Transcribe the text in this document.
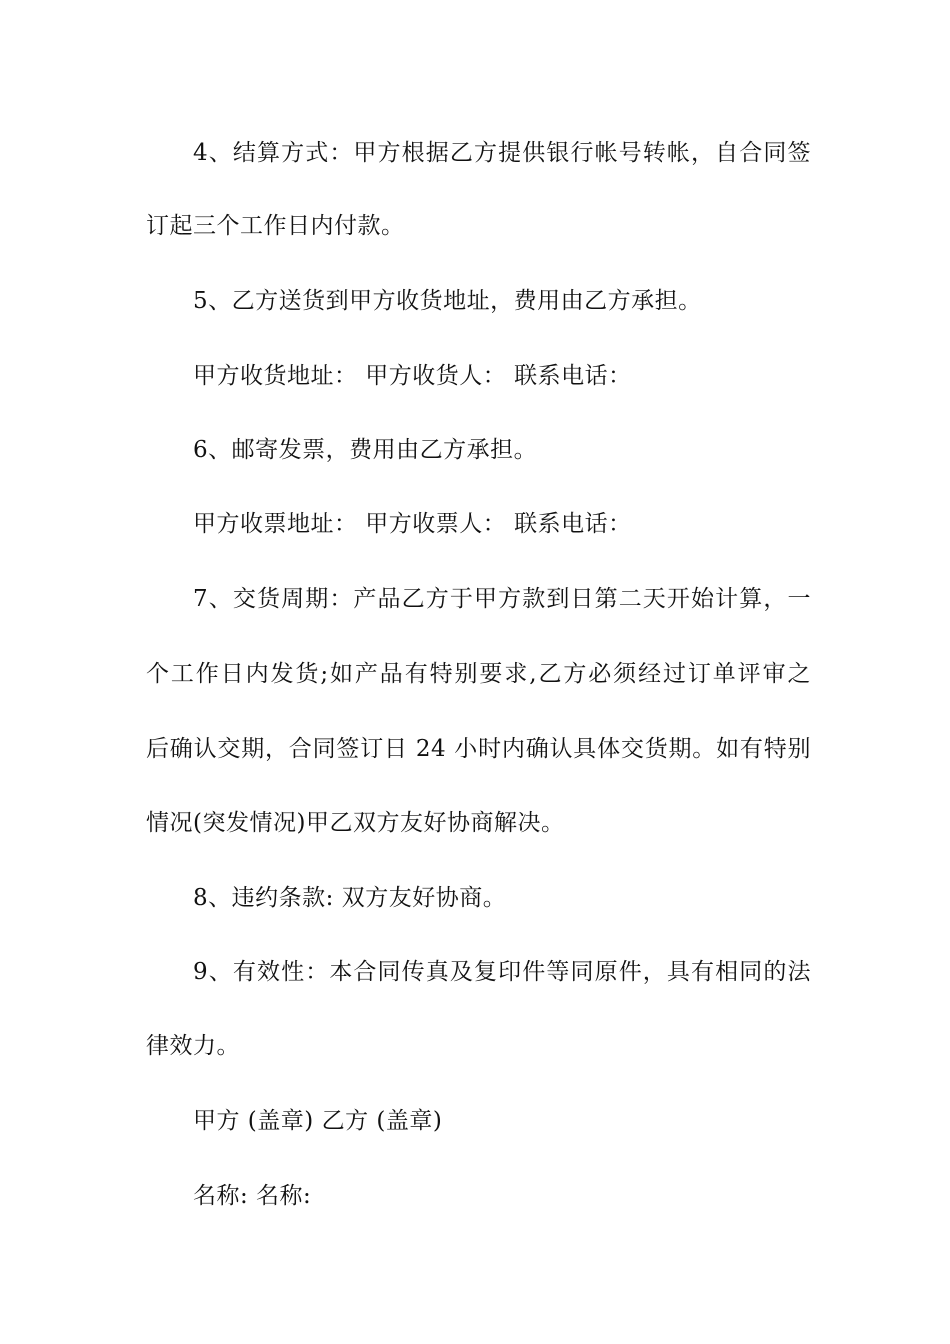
4、结算方式：甲方根据乙方提供银行帐号转帐，自合同签
订起三个工作日内付款。
5、乙方送货到甲方收货地址，费用由乙方承担。
甲方收货地址： 甲方收货人： 联系电话：
6、邮寄发票，费用由乙方承担。
甲方收票地址： 甲方收票人： 联系电话：
7、交货周期：产品乙方于甲方款到日第二天开始计算，一
个工作日内发货;如产品有特别要求,乙方必须经过订单评审之
后确认交期，合同签订日 24 小时内确认具体交货期。如有特别
情况(突发情况)甲乙双方友好协商解决。
8、违约条款: 双方友好协商。
9、有效性：本合同传真及复印件等同原件，具有相同的法
律效力。
甲方 (盖章) 乙方 (盖章)
名称: 名称:
